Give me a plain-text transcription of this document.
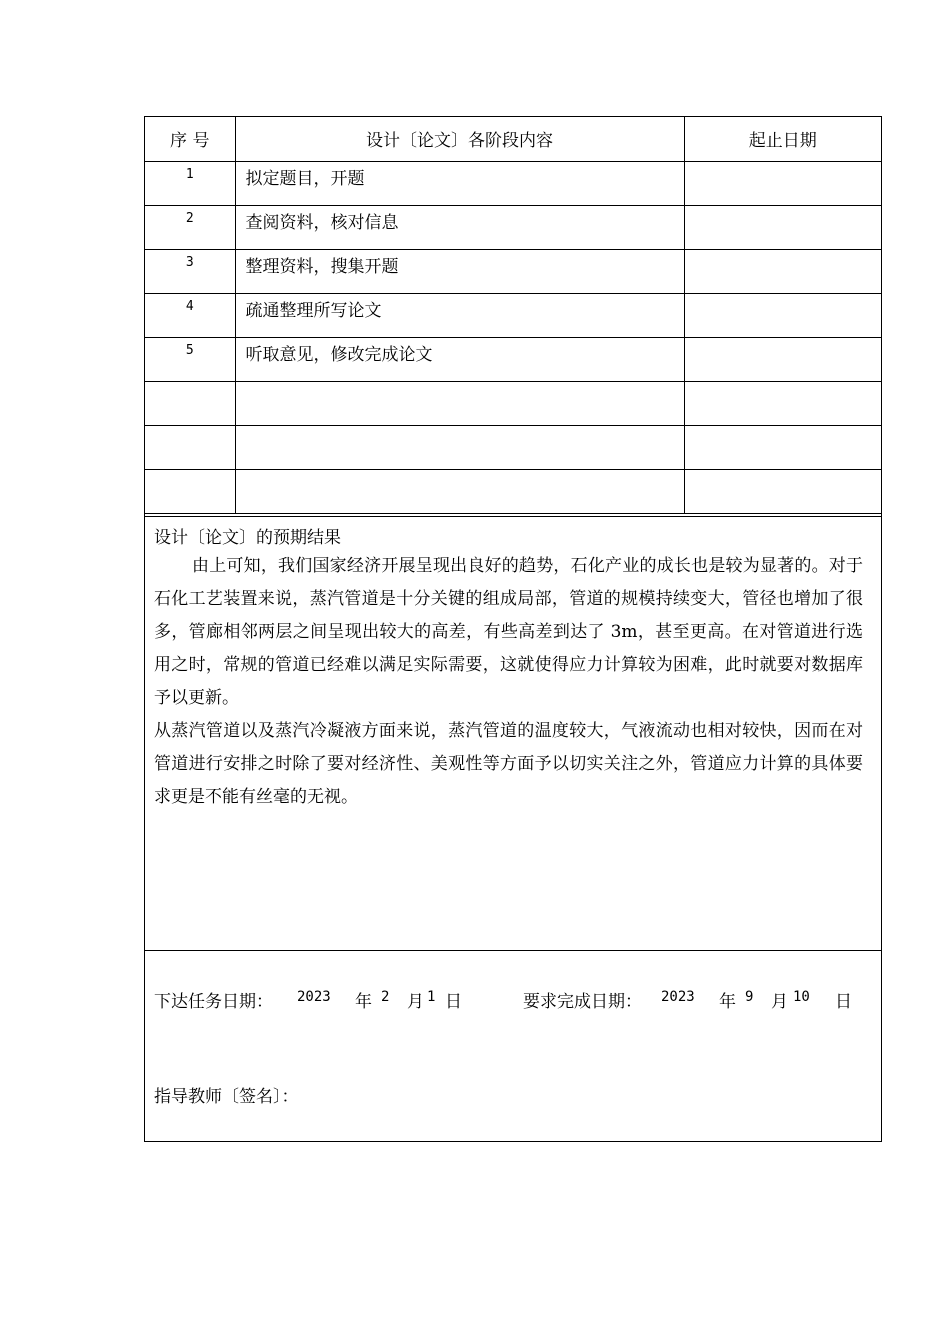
序 号	设计〔论文〕各阶段内容	起止日期
1	拟定题目，开题	
2	查阅资料，核对信息	
3	整理资料，搜集开题	
4	疏通整理所写论文	
5	听取意见，修改完成论文	

设计〔论文〕的预期结果

由上可知，我们国家经济开展呈现出良好的趋势，石化产业的成长也是较为显著的。对于石化工艺装置来说，蒸汽管道是十分关键的组成局部，管道的规模持续变大，管径也增加了很多，管廊相邻两层之间呈现出较大的高差，有些高差到达了 3m，甚至更高。在对管道进行选用之时，常规的管道已经难以满足实际需要，这就使得应力计算较为困难，此时就要对数据库予以更新。

从蒸汽管道以及蒸汽冷凝液方面来说，蒸汽管道的温度较大，气液流动也相对较快，因而在对管道进行安排之时除了要对经济性、美观性等方面予以切实关注之外，管道应力计算的具体要求更是不能有丝毫的无视。

下达任务日期： 2023 年 2 月 1 日	要求完成日期： 2023 年 9 月 10 日
指导教师〔签名〕：
